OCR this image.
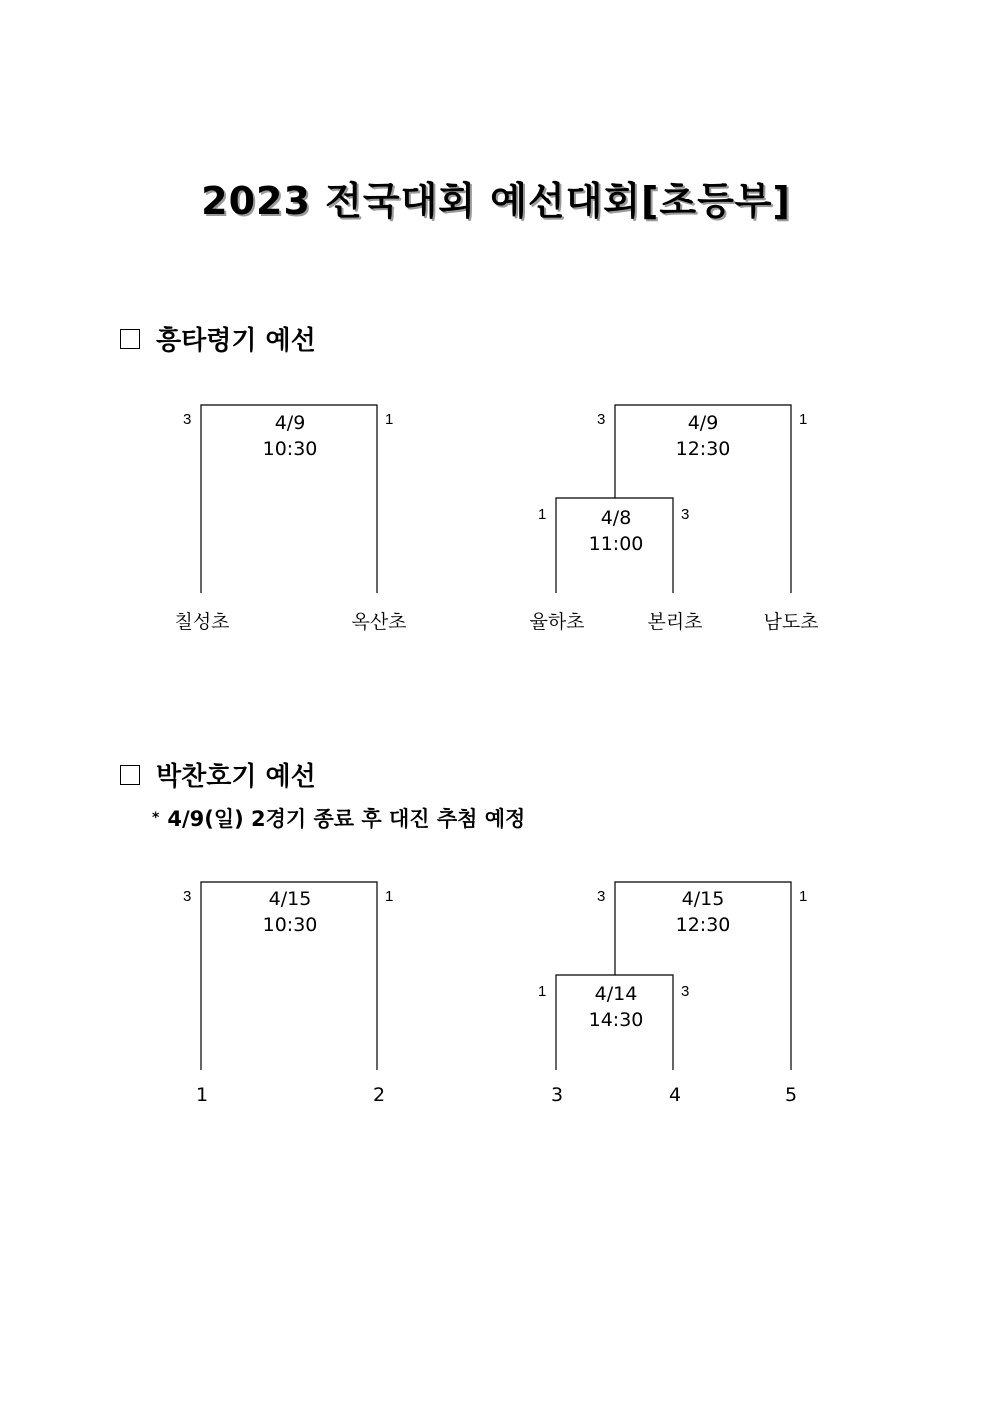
2023 전국대회 예선대회[초등부]
흥타령기 예선
3	1
4/9
10:30
칠성초	옥산초
3	1
4/9
12:30
1	3
4/8
11:00
율하초	본리초	남도초
박찬호기 예선
* 4/9(일) 2경기 종료 후 대진 추첨 예정
3	1
4/15
10:30
1	2
3	1
4/15
12:30
1	3
4/14
14:30
3	4	5
